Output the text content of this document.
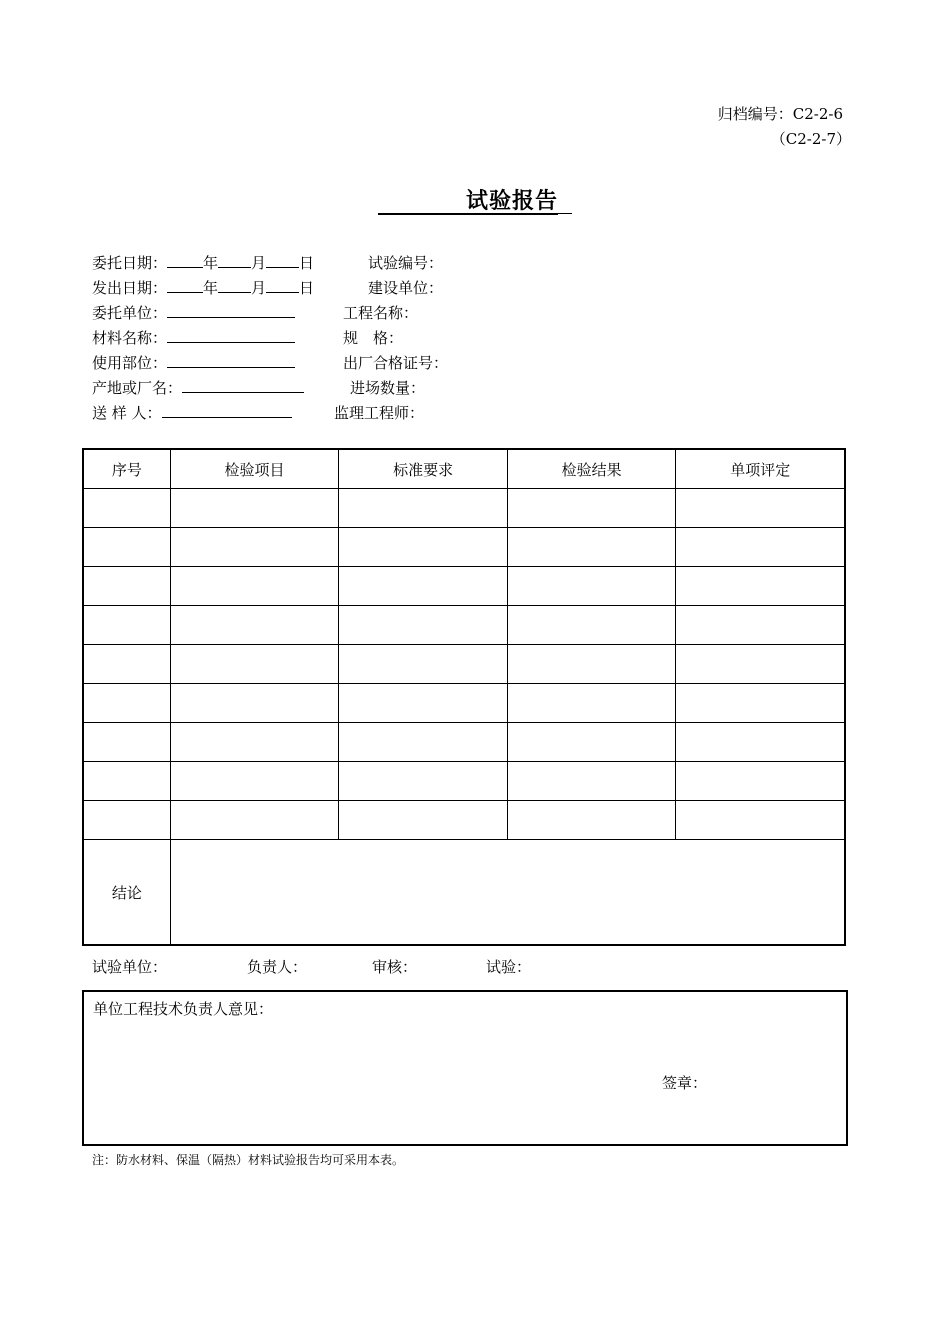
归档编号：C2-2-6
（C2-2-7）
试验报告
委托日期： 年 月 日	试验编号：
发出日期： 年 月 日	建设单位：
委托单位：	工程名称：
材料名称：	规　格：
使用部位：	出厂合格证号：
产地或厂名：	进场数量：
送 样 人：	监理工程师：
序号	检验项目	标准要求	检验结果	单项评定

结论				
试验单位：	负责人：	审核：	试验：
单位工程技术负责人意见：
签章：
注：防水材料、保温（隔热）材料试验报告均可采用本表。
